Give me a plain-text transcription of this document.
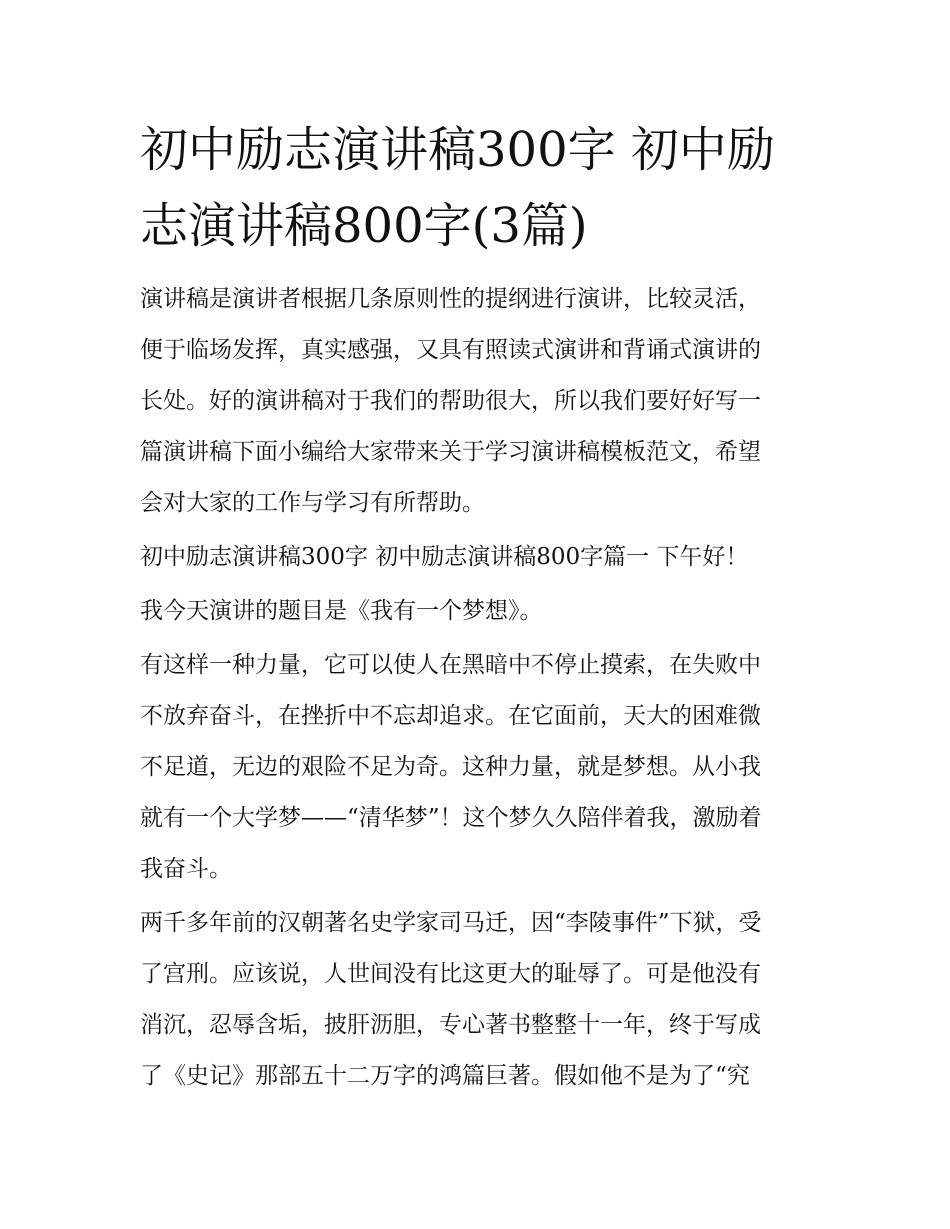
初中励志演讲稿300字 初中励
志演讲稿800字(3篇)
演讲稿是演讲者根据几条原则性的提纲进行演讲，比较灵活，
便于临场发挥，真实感强，又具有照读式演讲和背诵式演讲的
长处。好的演讲稿对于我们的帮助很大，所以我们要好好写一
篇演讲稿下面小编给大家带来关于学习演讲稿模板范文，希望
会对大家的工作与学习有所帮助。
初中励志演讲稿300字 初中励志演讲稿800字篇一 下午好！
我今天演讲的题目是《我有一个梦想》。
有这样一种力量，它可以使人在黑暗中不停止摸索，在失败中
不放弃奋斗，在挫折中不忘却追求。在它面前，天大的困难微
不足道，无边的艰险不足为奇。这种力量，就是梦想。从小我
就有一个大学梦——“清华梦”！这个梦久久陪伴着我，激励着
我奋斗。
两千多年前的汉朝著名史学家司马迁，因“李陵事件”下狱，受
了宫刑。应该说，人世间没有比这更大的耻辱了。可是他没有
消沉，忍辱含垢，披肝沥胆，专心著书整整十一年，终于写成
了《史记》那部五十二万字的鸿篇巨著。假如他不是为了“究
